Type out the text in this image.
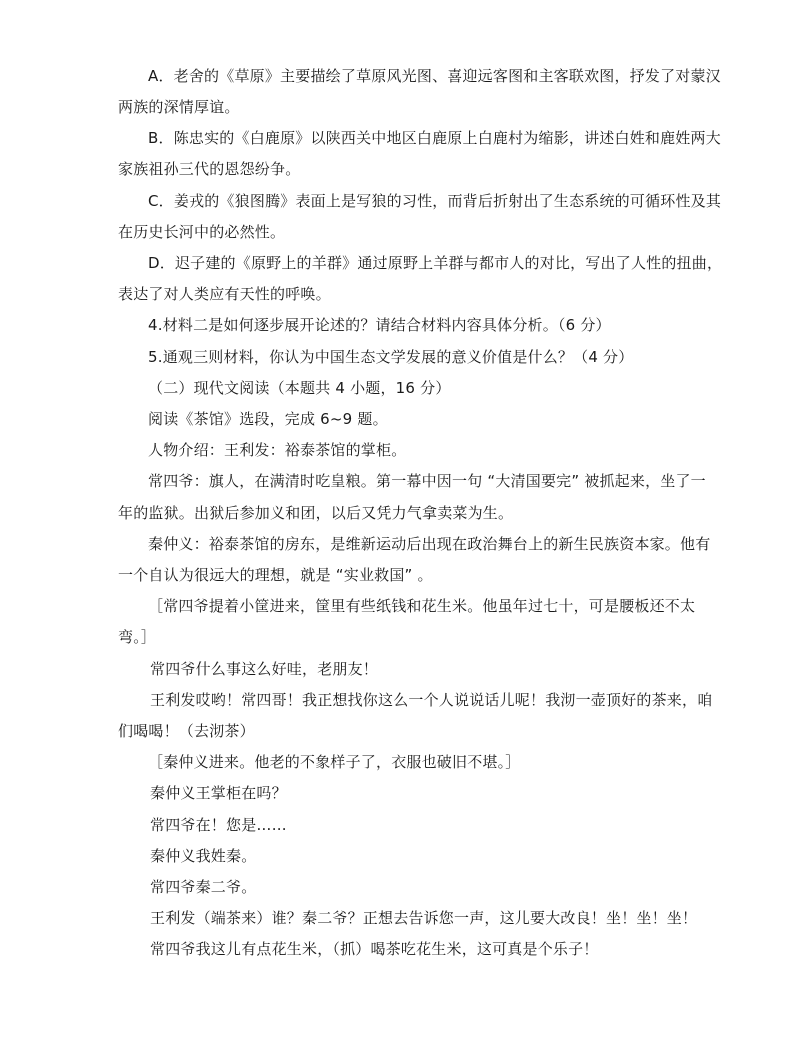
A．老舍的《草原》主要描绘了草原风光图、喜迎远客图和主客联欢图，抒发了对蒙汉
两族的深情厚谊。
B．陈忠实的《白鹿原》以陕西关中地区白鹿原上白鹿村为缩影，讲述白姓和鹿姓两大
家族祖孙三代的恩怨纷争。
C．姜戎的《狼图腾》表面上是写狼的习性，而背后折射出了生态系统的可循环性及其
在历史长河中的必然性。
D．迟子建的《原野上的羊群》通过原野上羊群与都市人的对比，写出了人性的扭曲，
表达了对人类应有天性的呼唤。
4.材料二是如何逐步展开论述的？请结合材料内容具体分析。（6 分）
5.通观三则材料，你认为中国生态文学发展的意义价值是什么？（4 分）
（二）现代文阅读（本题共 4 小题，16 分）
阅读《茶馆》选段，完成 6~9 题。
人物介绍：王利发：裕泰茶馆的掌柜。
常四爷：旗人，在满清时吃皇粮。第一幕中因一句 “大清国要完” 被抓起来，坐了一
年的监狱。出狱后参加义和团，以后又凭力气拿卖菜为生。
秦仲义：裕泰茶馆的房东，是维新运动后出现在政治舞台上的新生民族资本家。他有
一个自认为很远大的理想，就是 “实业救国” 。
［常四爷提着小筐进来，筐里有些纸钱和花生米。他虽年过七十，可是腰板还不太
弯。］
常四爷什么事这么好哇，老朋友！
王利发哎哟！常四哥！我正想找你这么一个人说说话儿呢！我沏一壶顶好的茶来，咱
们喝喝！（去沏茶）
［秦仲义进来。他老的不象样子了，衣服也破旧不堪。］
秦仲义王掌柜在吗？
常四爷在！您是……
秦仲义我姓秦。
常四爷秦二爷。
王利发（端茶来）谁？秦二爷？正想去告诉您一声，这儿要大改良！坐！坐！坐！
常四爷我这儿有点花生米，（抓）喝茶吃花生米，这可真是个乐子！
